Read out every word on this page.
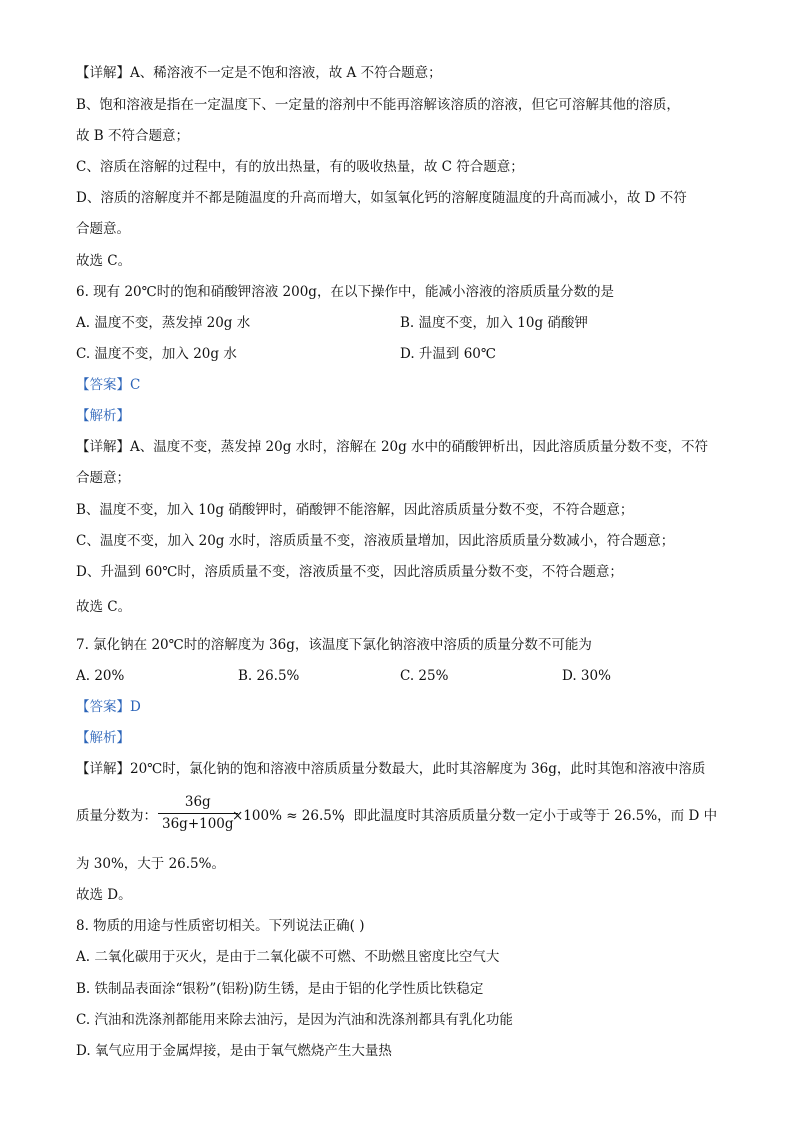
【详解】A、稀溶液不一定是不饱和溶液，故 A 不符合题意；
B、饱和溶液是指在一定温度下、一定量的溶剂中不能再溶解该溶质的溶液，但它可溶解其他的溶质，
故 B 不符合题意；
C、溶质在溶解的过程中，有的放出热量，有的吸收热量，故 C 符合题意；
D、溶质的溶解度并不都是随温度的升高而增大，如氢氧化钙的溶解度随温度的升高而减小，故 D 不符
合题意。
故选 C。
6. 现有 20℃时的饱和硝酸钾溶液 200g，在以下操作中，能减小溶液的溶质质量分数的是
A. 温度不变，蒸发掉 20g 水	B. 温度不变，加入 10g 硝酸钾
C. 温度不变，加入 20g 水	D. 升温到 60℃
【答案】C
【解析】
【详解】A、温度不变，蒸发掉 20g 水时，溶解在 20g 水中的硝酸钾析出，因此溶质质量分数不变，不符
合题意；
B、温度不变，加入 10g 硝酸钾时，硝酸钾不能溶解，因此溶质质量分数不变，不符合题意；
C、温度不变，加入 20g 水时，溶质质量不变，溶液质量增加，因此溶质质量分数减小，符合题意；
D、升温到 60℃时，溶质质量不变，溶液质量不变，因此溶质质量分数不变，不符合题意；
故选 C。
7. 氯化钠在 20℃时的溶解度为 36g，该温度下氯化钠溶液中溶质的质量分数不可能为
A. 20%	B. 26.5%	C. 25%	D. 30%
【答案】D
【解析】
【详解】20℃时，氯化钠的饱和溶液中溶质质量分数最大，此时其溶解度为 36g，此时其饱和溶液中溶质
质量分数为：
36g
36g+100g
×100% ≈ 26.5%
，即此温度时其溶质质量分数一定小于或等于 26.5%，而 D 中
为 30%，大于 26.5%。
故选 D。
8. 物质的用途与性质密切相关。下列说法正确( )
A. 二氧化碳用于灭火，是由于二氧化碳不可燃、不助燃且密度比空气大
B. 铁制品表面涂“银粉”(铝粉)防生锈，是由于铝的化学性质比铁稳定
C. 汽油和洗涤剂都能用来除去油污，是因为汽油和洗涤剂都具有乳化功能
D. 氧气应用于金属焊接，是由于氧气燃烧产生大量热
